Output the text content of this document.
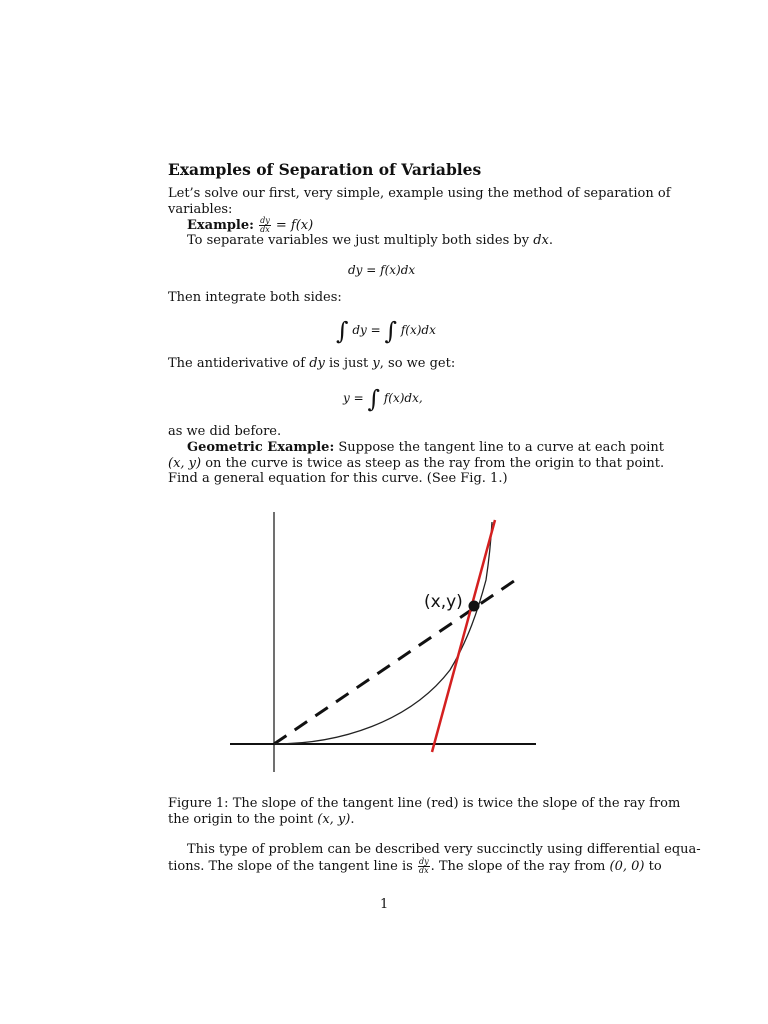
Examples of Separation of Variables
Let’s solve our first, very simple, example using the method of separation of
variables:
Example: $\frac{dy}{dx} = f(x)$
To separate variables we just multiply both sides by dx.
dy = f(x)dx
Then integrate both sides:
∫ dy = ∫ f(x)dx
The antiderivative of dy is just y, so we get:
y = ∫ f(x)dx,
as we did before.
Geometric Example: Suppose the tangent line to a curve at each point
(x, y) on the curve is twice as steep as the ray from the origin to that point.
Find a general equation for this curve. (See Fig. 1.)
(x,y)
Figure 1: The slope of the tangent line (red) is twice the slope of the ray from
the origin to the point (x, y).
This type of problem can be described very succinctly using differential equa-
tions. The slope of the tangent line is $\frac{dy}{dx}$ . The slope of the ray from (0, 0) to
1
